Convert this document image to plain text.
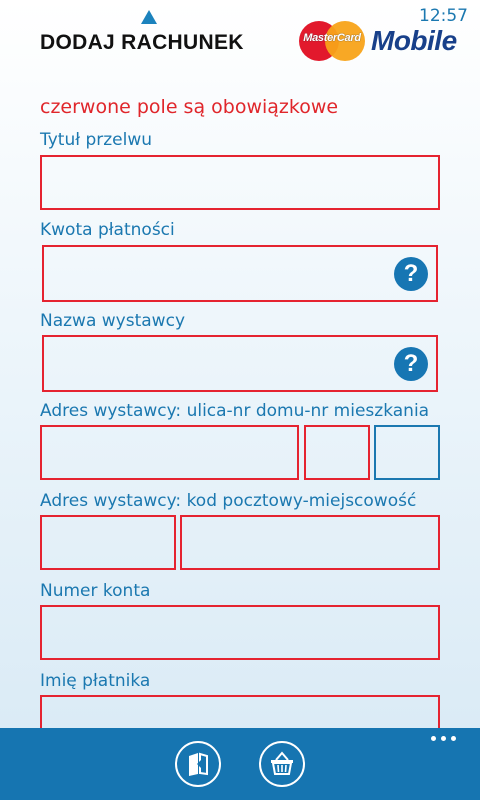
12:57
DODAJ RACHUNEK	MasterCard Mobile
czerwone pole są obowiązkowe
Tytuł przelwu
Kwota płatności
?
Nazwa wystawcy
?
Adres wystawcy: ulica-nr domu-nr mieszkania
Adres wystawcy: kod pocztowy-miejscowość
Numer konta
Imię płatnika
